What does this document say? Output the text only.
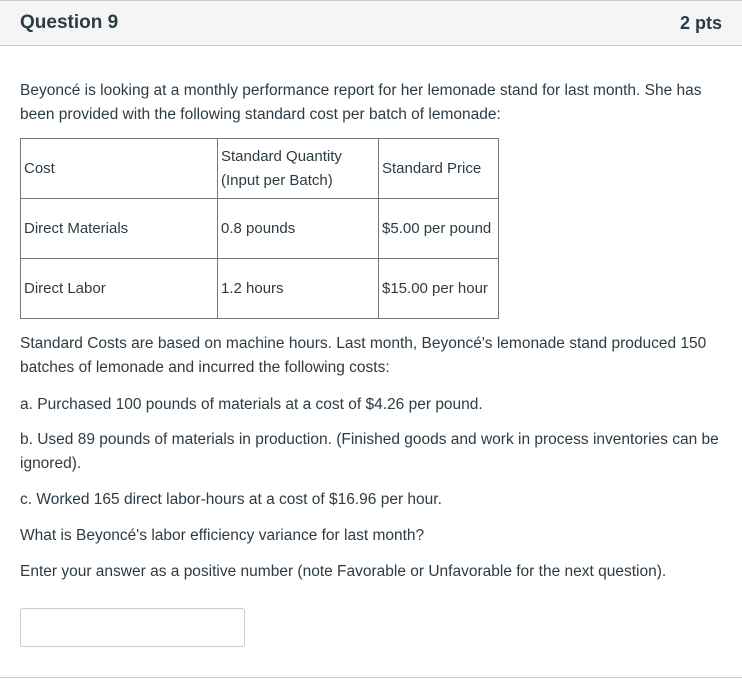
Question 9	2 pts

Beyoncé is looking at a monthly performance report for her lemonade stand for last month. She has been provided with the following standard cost per batch of lemonade:

Cost	Standard Quantity (Input per Batch)	Standard Price
Direct Materials	0.8 pounds	$5.00 per pound
Direct Labor	1.2 hours	$15.00 per hour

Standard Costs are based on machine hours. Last month, Beyoncé's lemonade stand produced 150 batches of lemonade and incurred the following costs:

a. Purchased 100 pounds of materials at a cost of $4.26 per pound.

b. Used 89 pounds of materials in production. (Finished goods and work in process inventories can be ignored).

c. Worked 165 direct labor-hours at a cost of $16.96 per hour.

What is Beyoncé's labor efficiency variance for last month?

Enter your answer as a positive number (note Favorable or Unfavorable for the next question).
